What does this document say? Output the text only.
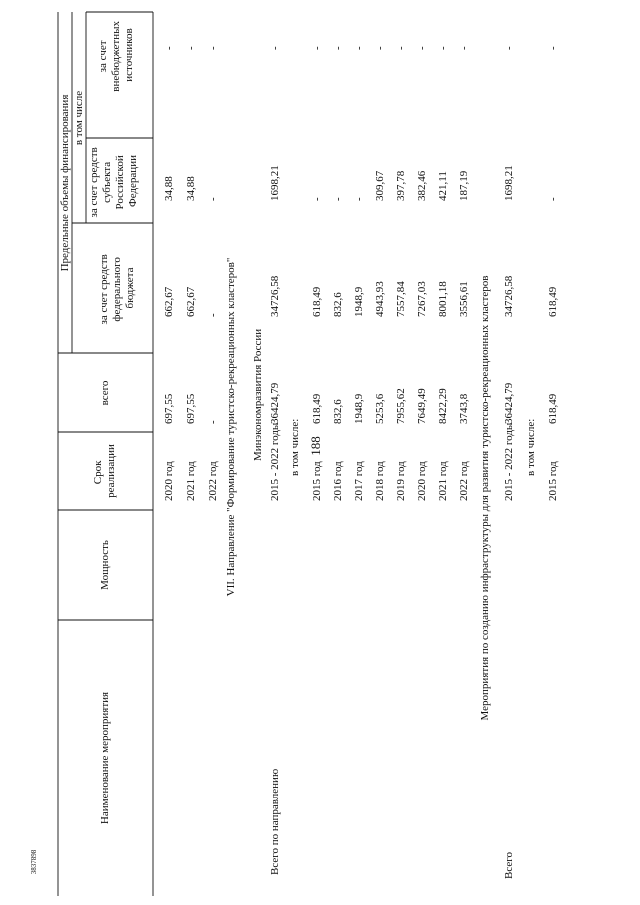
188
3837898
Наименование мероприятия
Мощность
Срок реализации
всего
Предельные объемы финансирования в том числе
за счет средств федерального бюджета
за счет средств субъекта Российской Федерации
за счет внебюджетных источников
2020 год
697,55
662,67
34,88
-
2021 год
697,55
662,67
34,88
-
2022 год
-
-
-
-
2015 - 2022 годы
36424,79
34726,58
1698,21
-
2015 год
618,49
618,49
-
-
2016 год
832,6
832,6
-
-
2017 год
1948,9
1948,9
-
-
2018 год
5253,6
4943,93
309,67
-
2019 год
7955,62
7557,84
397,78
-
2020 год
7649,49
7267,03
382,46
-
2021 год
8422,29
8001,18
421,11
-
2022 год
3743,8
3556,61
187,19
-
2015 - 2022 годы
36424,79
34726,58
1698,21
-
2015 год
618,49
618,49
-
-
VII. Направление "Формирование туристско-рекреационных кластеров" Минэкономразвития России
Всего по направлению
в том числе:	Мероприятия по созданию инфраструктуры для развития туристско-рекреационных кластеров
Всего
в том числе:
